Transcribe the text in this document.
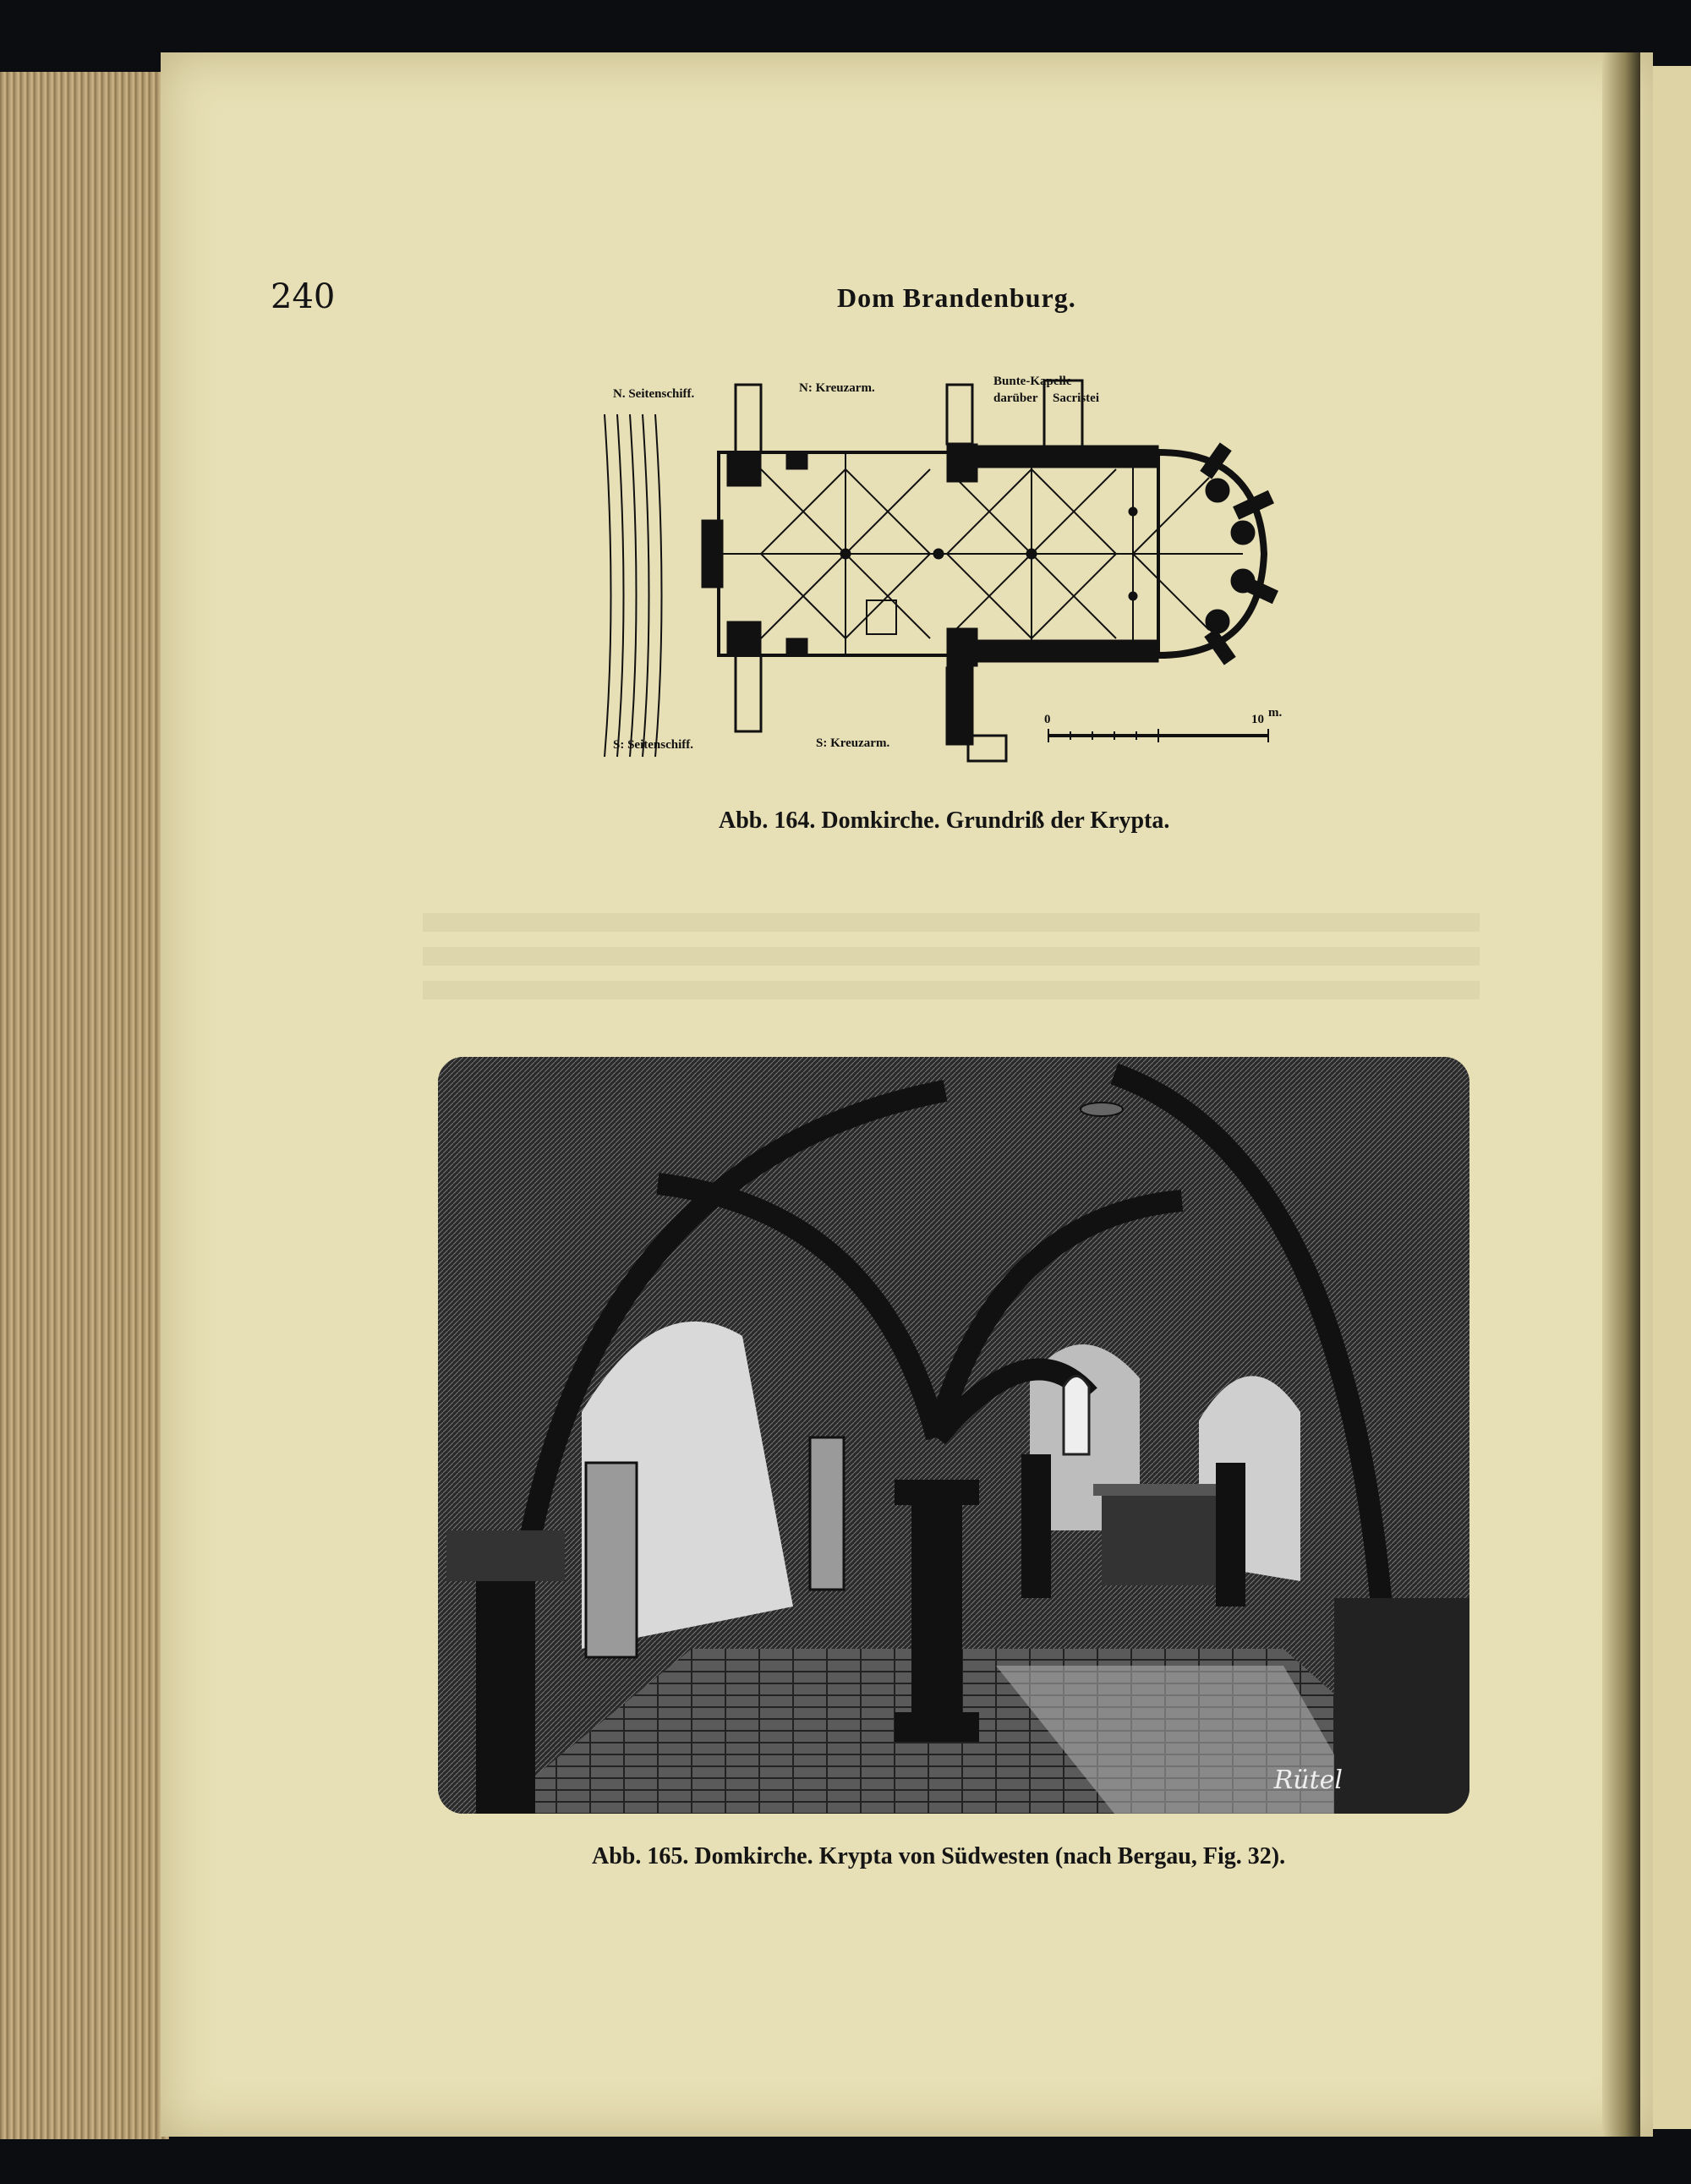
240	Dom Brandenburg.
N. Seitenschiff.	N: Kreuzarm.	Bunte-Kapelle
darüber Sacristei
S: Seitenschiff.	S: Kreuzarm.
0	10 m.
Abb. 164. Domkirche. Grundriß der Krypta.
Rütel
Abb. 165. Domkirche. Krypta von Südwesten (nach Bergau, Fig. 32).
